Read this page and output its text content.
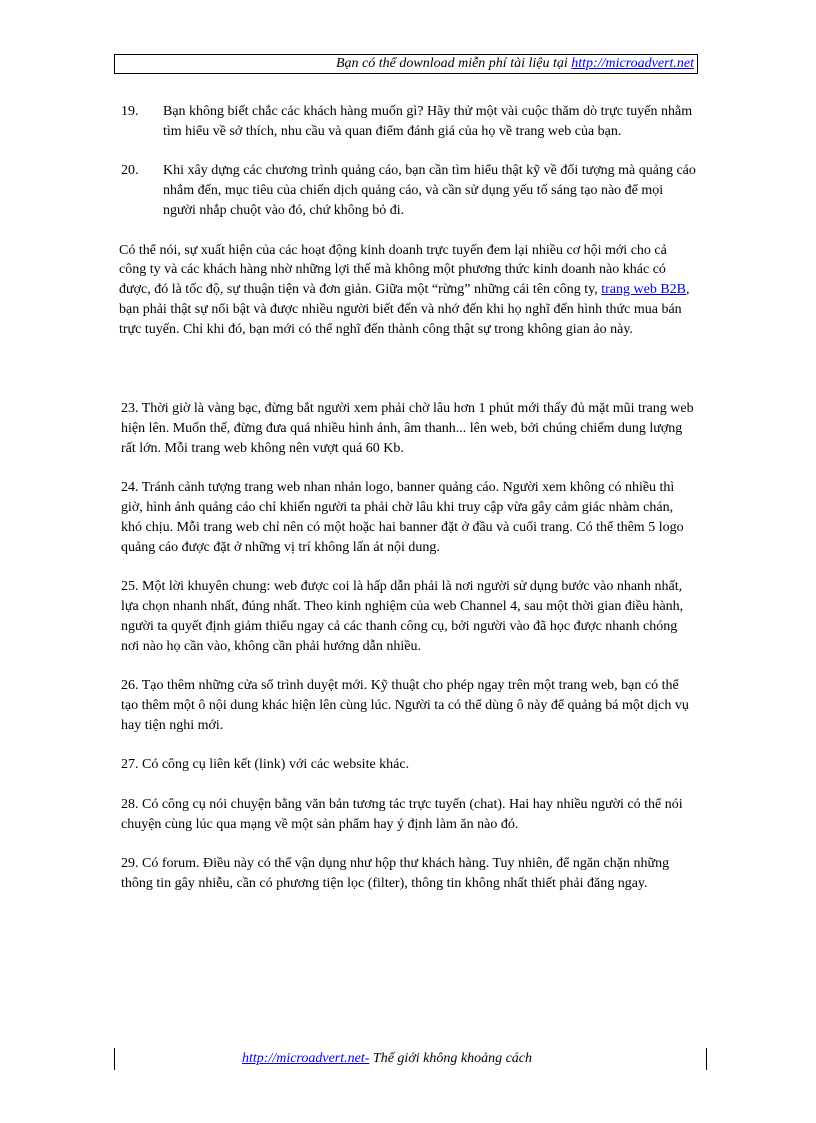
Bạn có thể download miễn phí tài liệu tại http://microadvert.net
19.	Bạn không biết chắc các khách hàng muốn gì? Hãy thử một vài cuộc thăm dò trực tuyến nhằm tìm hiểu về sở thích, nhu cầu và quan điểm đánh giá của họ về trang web của bạn.
20.	Khi xây dựng các chương trình quảng cáo, bạn cần tìm hiểu thật kỹ về đối tượng mà quảng cáo nhắm đến, mục tiêu của chiến dịch quảng cáo, và cần sử dụng yếu tố sáng tạo nào để mọi người nhắp chuột vào đó, chứ không bỏ đi.

Có thể nói, sự xuất hiện của các hoạt động kinh doanh trực tuyến đem lại nhiều cơ hội mới cho cả công ty và các khách hàng nhờ những lợi thế mà không một phương thức kinh doanh nào khác có được, đó là tốc độ, sự thuận tiện và đơn giản. Giữa một “rừng” những cái tên công ty, trang web B2B, bạn phải thật sự nổi bật và được nhiều người biết đến và nhớ đến khi họ nghĩ đến hình thức mua bán trực tuyến. Chỉ khi đó, bạn mới có thể nghĩ đến thành công thật sự trong không gian ảo này.

23. Thời giờ là vàng bạc, đừng bắt người xem phải chờ lâu hơn 1 phút mới thấy đủ mặt mũi trang web hiện lên. Muốn thế, đừng đưa quá nhiều hình ảnh, âm thanh... lên web, bởi chúng chiếm dung lượng rất lớn. Mỗi trang web không nên vượt quá 60 Kb.

24. Tránh cảnh tượng trang web nhan nhản logo, banner quảng cáo. Người xem không có nhiều thì giờ, hình ảnh quảng cáo chỉ khiến người ta phải chờ lâu khi truy cập vừa gây cảm giác nhàm chán, khó chịu. Mỗi trang web chỉ nên có một hoặc hai banner đặt ở đầu và cuối trang. Có thể thêm 5 logo quảng cáo được đặt ở những vị trí không lấn át nội dung.

25. Một lời khuyên chung: web được coi là hấp dẫn phải là nơi người sử dụng bước vào nhanh nhất, lựa chọn nhanh nhất, đúng nhất. Theo kinh nghiệm của web Channel 4, sau một thời gian điều hành, người ta quyết định giảm thiểu ngay cả các thanh công cụ, bởi người vào đã học được nhanh chóng nơi nào họ cần vào, không cần phải hướng dẫn nhiều.

26. Tạo thêm những cửa sổ trình duyệt mới. Kỹ thuật cho phép ngay trên một trang web, bạn có thể tạo thêm một ô nội dung khác hiện lên cùng lúc. Người ta có thể dùng ô này để quảng bá một dịch vụ hay tiện nghi mới.

27. Có công cụ liên kết (link) với các website khác.

28. Có công cụ nói chuyện bằng văn bản tương tác trực tuyến (chat). Hai hay nhiều người có thể nói chuyện cùng lúc qua mạng về một sản phẩm hay ý định làm ăn nào đó.

29. Có forum. Điều này có thể vận dụng như hộp thư khách hàng. Tuy nhiên, để ngăn chặn những thông tin gây nhiễu, cần có phương tiện lọc (filter), thông tin không nhất thiết phải đăng ngay.

http://microadvert.net- Thế giới không khoảng cách
